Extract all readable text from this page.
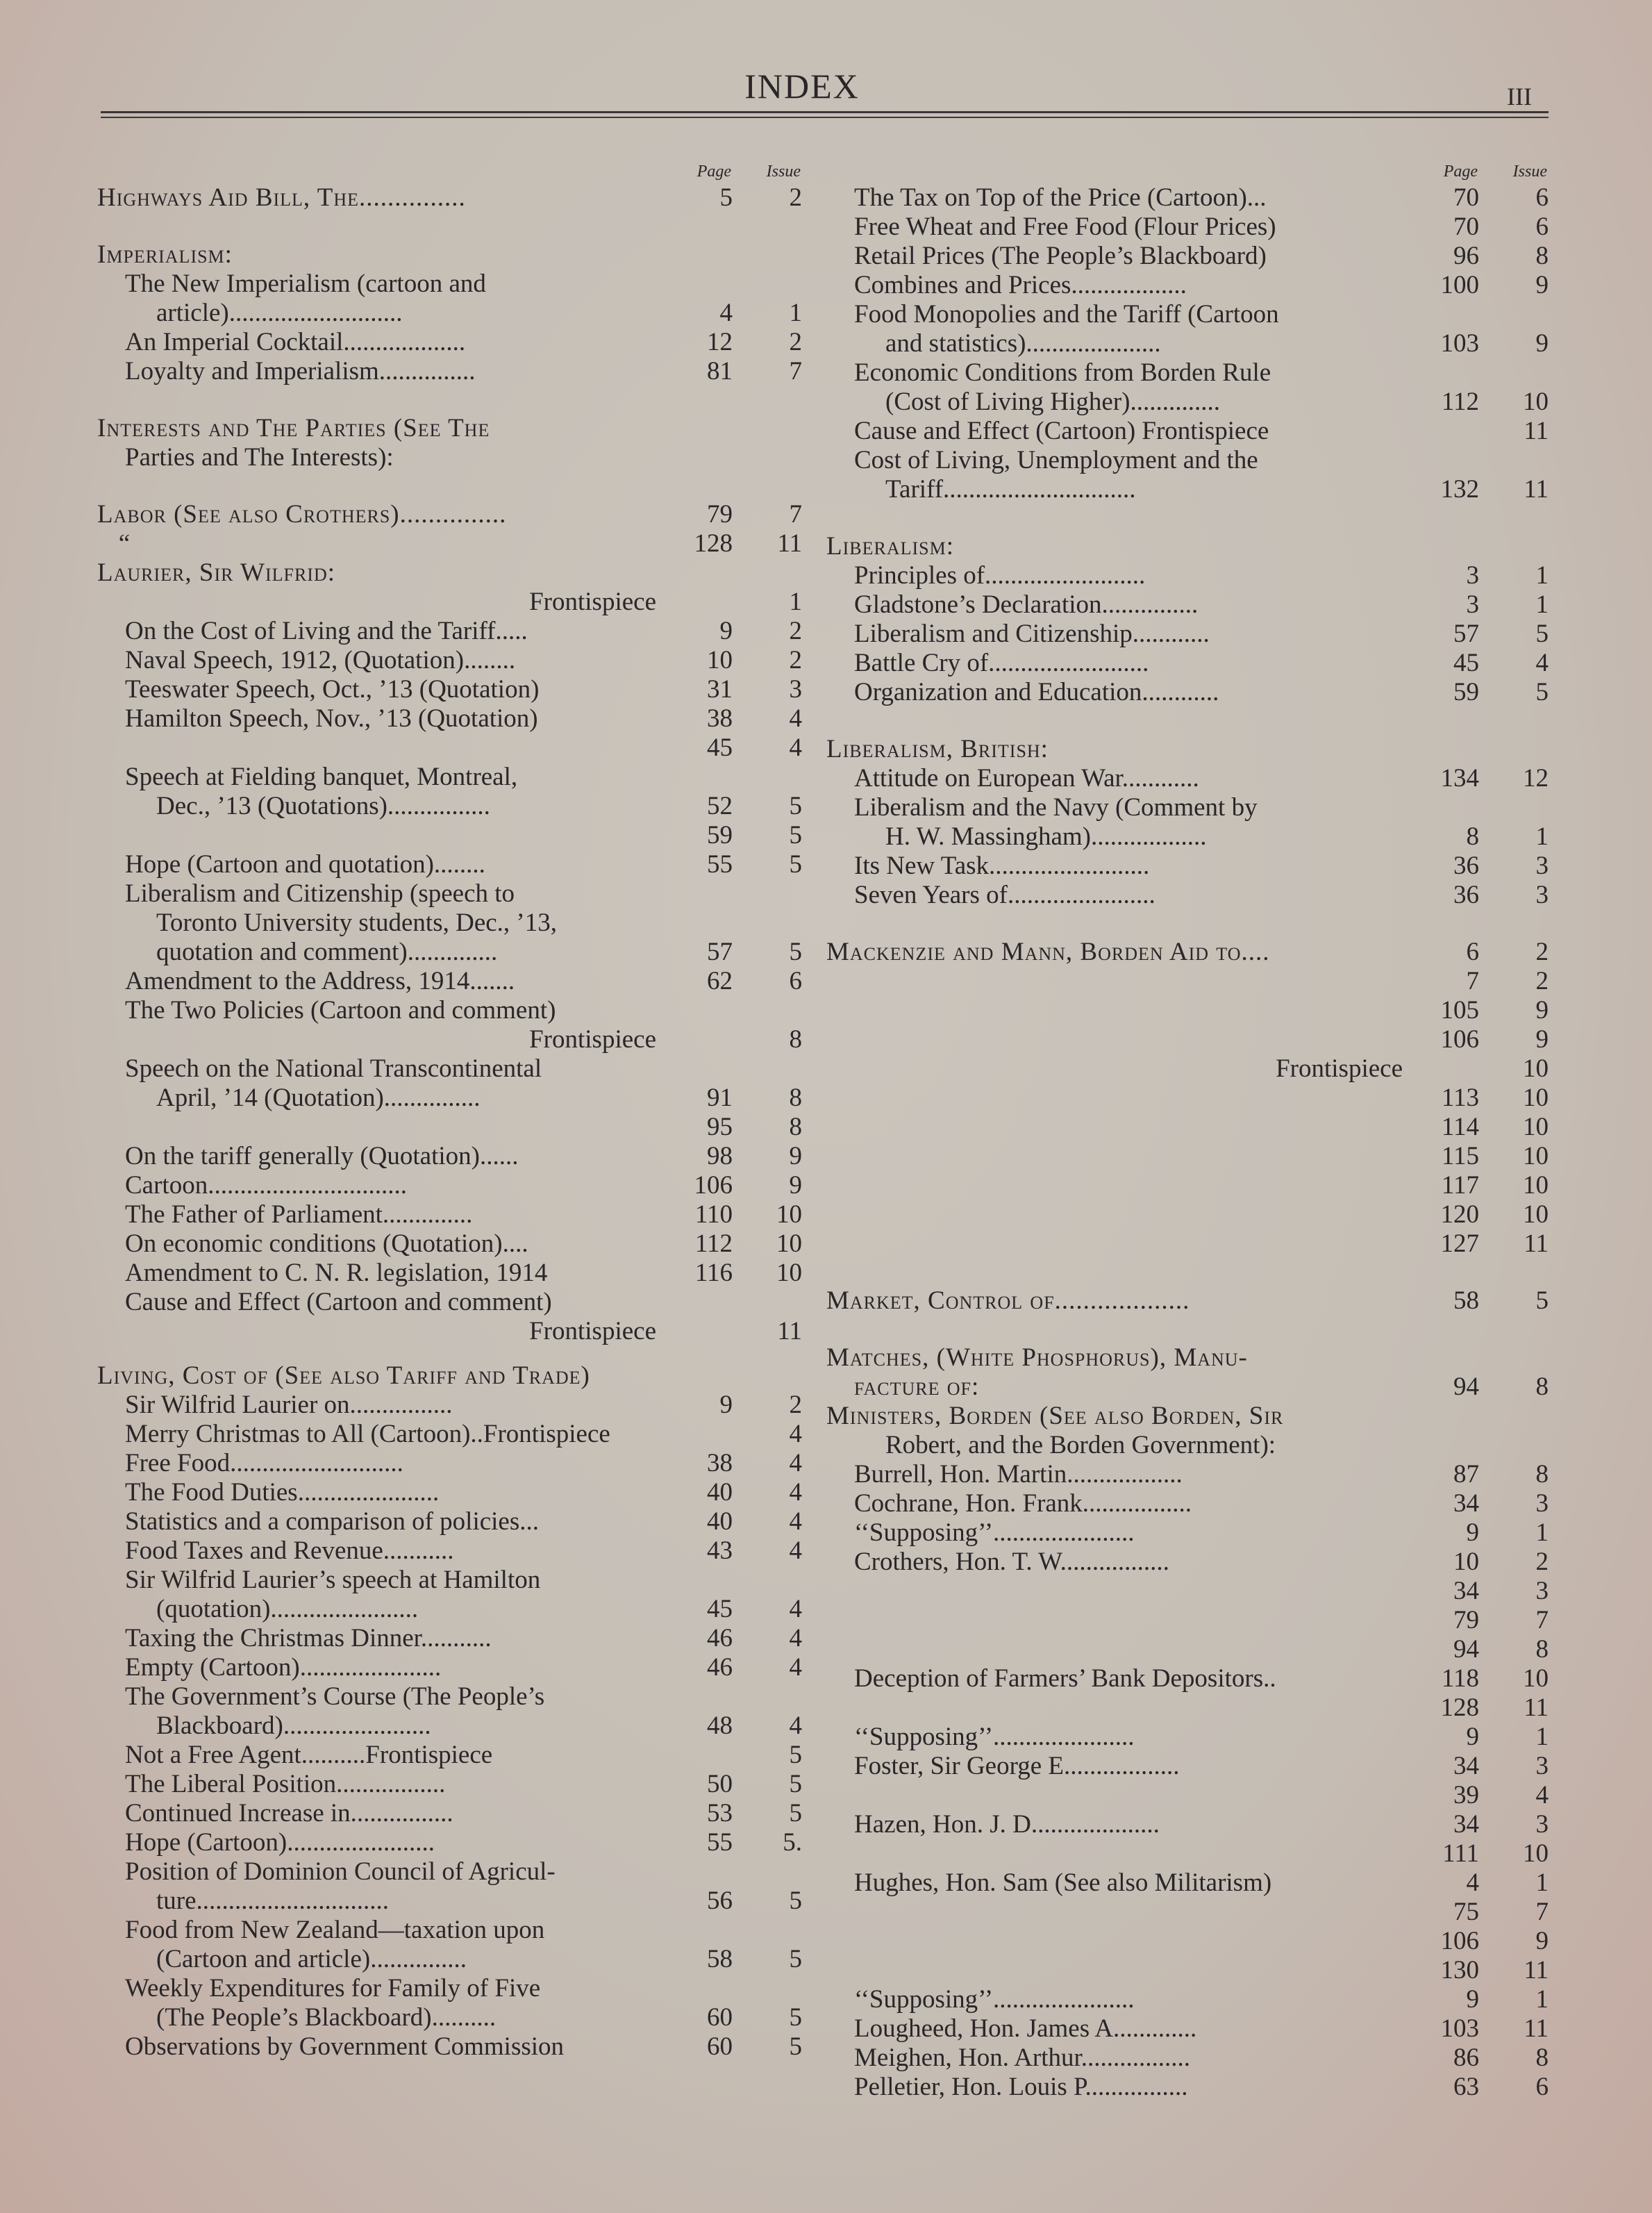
INDEX	III
Page	Issue
Highways Aid Bill, The...............	5	2
Imperialism:
The New Imperialism (cartoon and
article)...........................	4	1
An Imperial Cocktail...................	12	2
Loyalty and Imperialism...............	81	7
Interests and The Parties (See The
Parties and The Interests):
Labor (See also Crothers)...............	79	7
“	128	11
Laurier, Sir Wilfrid:
Frontispiece	1
On the Cost of Living and the Tariff.....	9	2
Naval Speech, 1912, (Quotation)........	10	2
Teeswater Speech, Oct., ’13 (Quotation)	31	3
Hamilton Speech, Nov., ’13 (Quotation)	38	4
45	4
Speech at Fielding banquet, Montreal,
Dec., ’13 (Quotations)................	52	5
59	5
Hope (Cartoon and quotation)........	55	5
Liberalism and Citizenship (speech to
Toronto University students, Dec., ’13,
quotation and comment)..............	57	5
Amendment to the Address, 1914.......	62	6
The Two Policies (Cartoon and comment)
Frontispiece	8
Speech on the National Transcontinental
April, ’14 (Quotation)...............	91	8
95	8
On the tariff generally (Quotation)......	98	9
Cartoon...............................	106	9
The Father of Parliament..............	110	10
On economic conditions (Quotation)....	112	10
Amendment to C. N. R. legislation, 1914	116	10
Cause and Effect (Cartoon and comment)
Frontispiece	11
Living, Cost of (See also Tariff and Trade)
Sir Wilfrid Laurier on................	9	2
Merry Christmas to All (Cartoon)..Frontispiece	4
Free Food...........................	38	4
The Food Duties......................	40	4
Statistics and a comparison of policies...	40	4
Food Taxes and Revenue...........	43	4
Sir Wilfrid Laurier’s speech at Hamilton
(quotation).......................	45	4
Taxing the Christmas Dinner...........	46	4
Empty (Cartoon)......................	46	4
The Government’s Course (The People’s
Blackboard).......................	48	4
Not a Free Agent..........Frontispiece	5
The Liberal Position.................	50	5
Continued Increase in................	53	5
Hope (Cartoon).......................	55	5.
Position of Dominion Council of Agricul-
ture..............................	56	5
Food from New Zealand—taxation upon
(Cartoon and article)...............	58	5
Weekly Expenditures for Family of Five
(The People’s Blackboard)..........	60	5
Observations by Government Commission	60	5
Page	Issue
The Tax on Top of the Price (Cartoon)...	70	6
Free Wheat and Free Food (Flour Prices)	70	6
Retail Prices (The People’s Blackboard)	96	8
Combines and Prices..................	100	9
Food Monopolies and the Tariff (Cartoon
and statistics).....................	103	9
Economic Conditions from Borden Rule
(Cost of Living Higher)..............	112	10
Cause and Effect (Cartoon) Frontispiece	11
Cost of Living, Unemployment and the
Tariff..............................	132	11
Liberalism:
Principles of.........................	3	1
Gladstone’s Declaration...............	3	1
Liberalism and Citizenship............	57	5
Battle Cry of.........................	45	4
Organization and Education............	59	5
Liberalism, British:
Attitude on European War............	134	12
Liberalism and the Navy (Comment by
H. W. Massingham)..................	8	1
Its New Task.........................	36	3
Seven Years of.......................	36	3
Mackenzie and Mann, Borden Aid to....	6	2
7	2
105	9
106	9
Frontispiece	10
113	10
114	10
115	10
117	10
120	10
127	11
Market, Control of...................	58	5
Matches, (White Phosphorus), Manu-
facture of:	94	8
Ministers, Borden (See also Borden, Sir
Robert, and the Borden Government):
Burrell, Hon. Martin..................	87	8
Cochrane, Hon. Frank.................	34	3
‘‘Supposing’’......................	9	1
Crothers, Hon. T. W.................	10	2
34	3
79	7
94	8
Deception of Farmers’ Bank Depositors..	118	10
128	11
‘‘Supposing’’......................	9	1
Foster, Sir George E..................	34	3
39	4
Hazen, Hon. J. D....................	34	3
111	10
Hughes, Hon. Sam (See also Militarism)	4	1
75	7
106	9
130	11
‘‘Supposing’’......................	9	1
Lougheed, Hon. James A.............	103	11
Meighen, Hon. Arthur.................	86	8
Pelletier, Hon. Louis P................	63	6
